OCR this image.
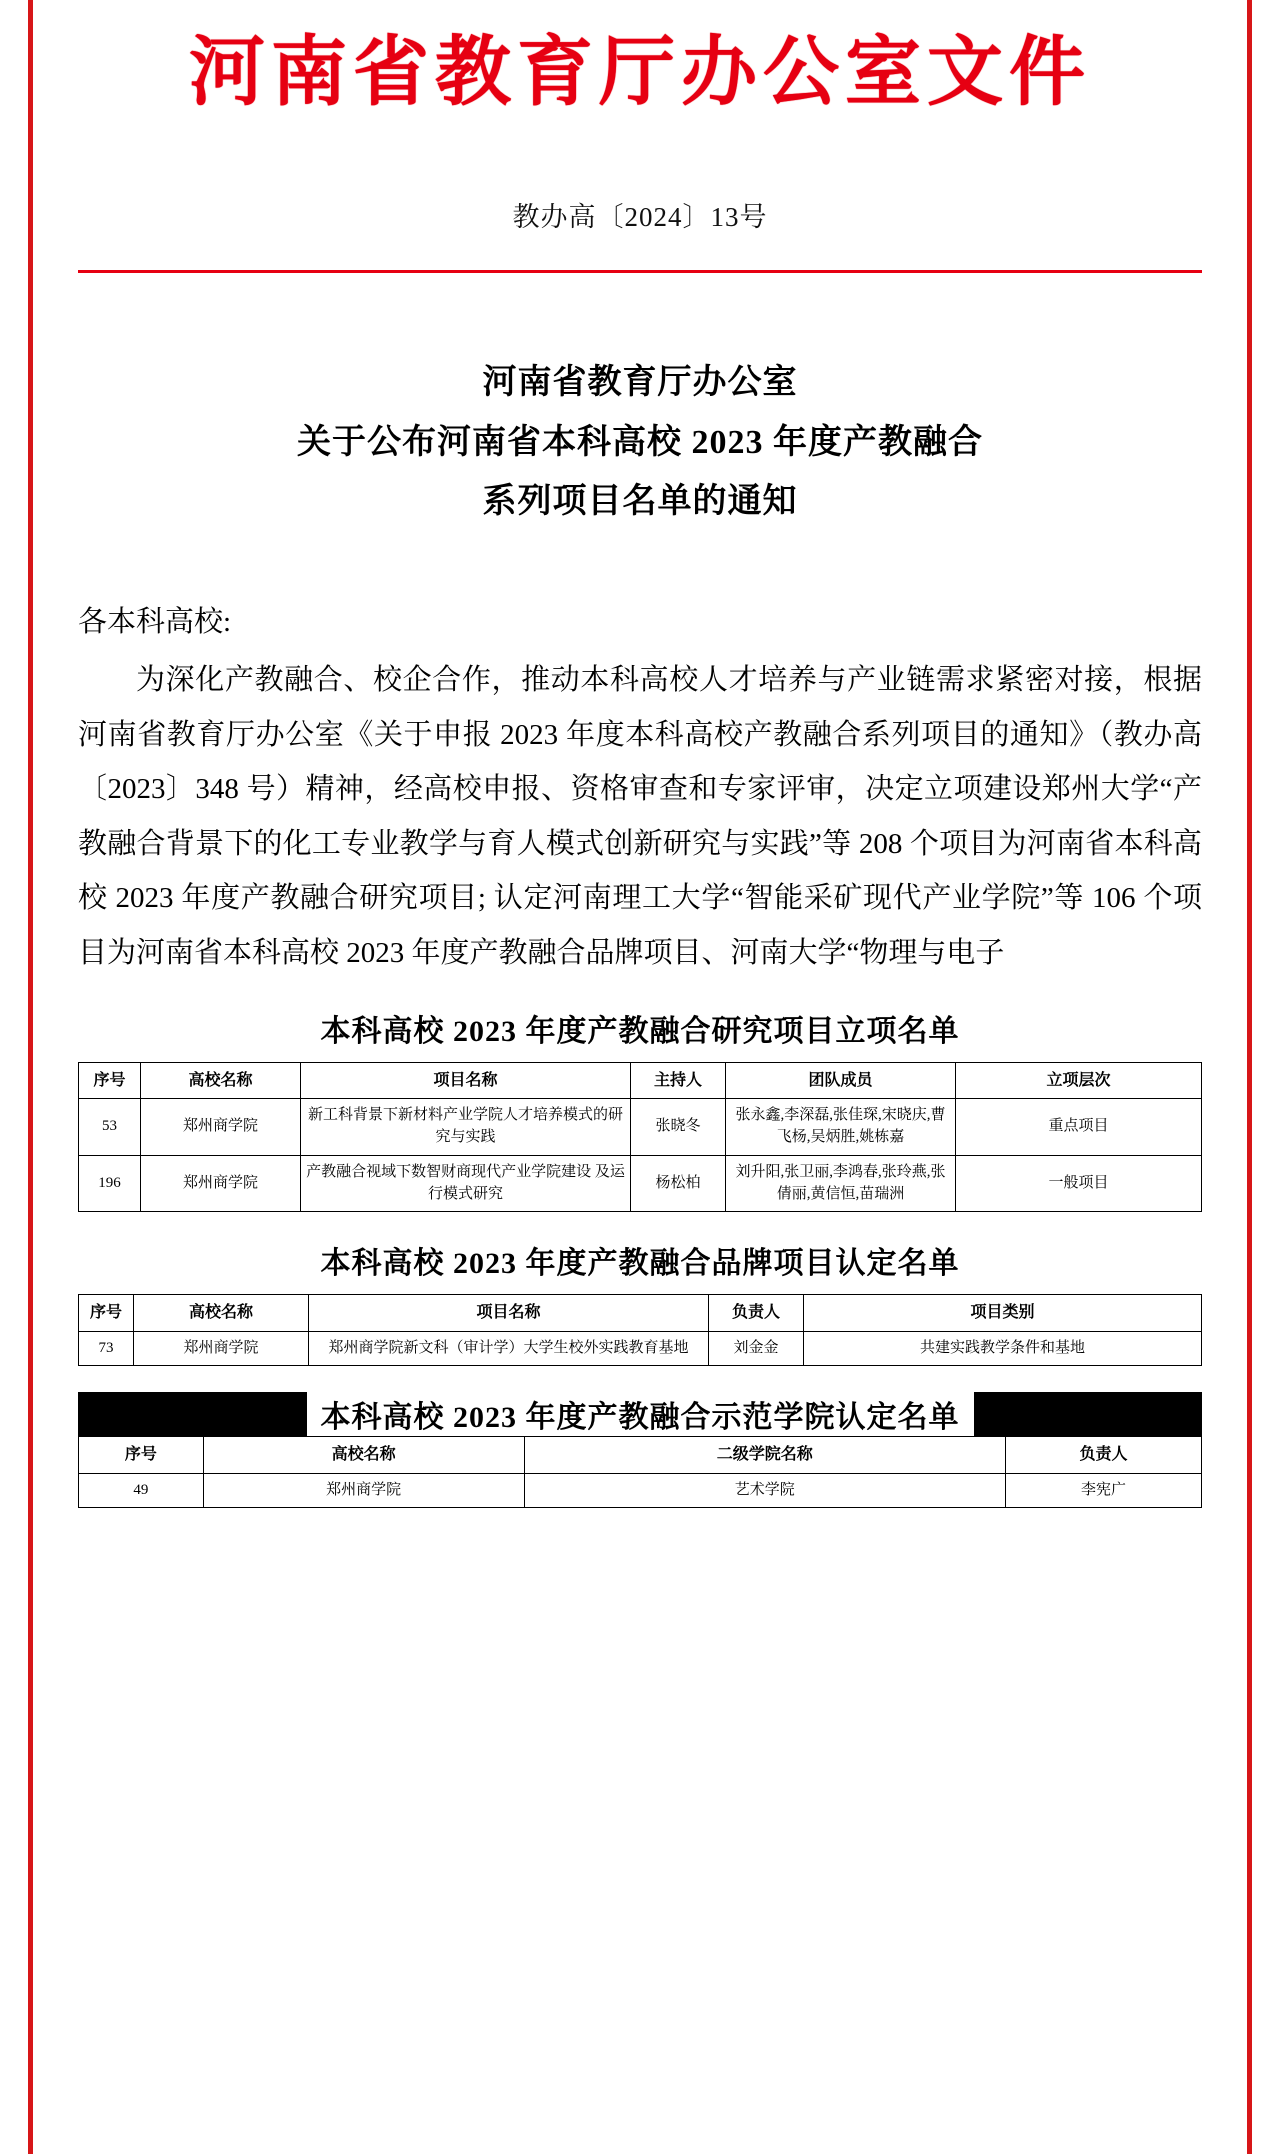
河南省教育厅办公室文件
教办高〔2024〕13号
河南省教育厅办公室
关于公布河南省本科高校 2023 年度产教融合
系列项目名单的通知
各本科高校:
为深化产教融合、校企合作，推动本科高校人才培养与产业链需求紧密对接，根据河南省教育厅办公室《关于申报 2023 年度本科高校产教融合系列项目的通知》（教办高〔2023〕348 号）精神，经高校申报、资格审查和专家评审，决定立项建设郑州大学“产教融合背景下的化工专业教学与育人模式创新研究与实践”等 208 个项目为河南省本科高校 2023 年度产教融合研究项目; 认定河南理工大学“智能采矿现代产业学院”等 106 个项目为河南省本科高校 2023 年度产教融合品牌项目、河南大学“物理与电子
本科高校 2023 年度产教融合研究项目立项名单
序号	高校名称	项目名称	主持人	团队成员	立项层次
53	郑州商学院	新工科背景下新材料产业学院人才培养模式的研究与实践	张晓冬	张永鑫,李深磊,张佳琛,宋晓庆,曹飞杨,吴炳胜,姚栋嘉	重点项目
196	郑州商学院	产教融合视域下数智财商现代产业学院建设 及运行模式研究	杨松柏	刘升阳,张卫丽,李鸿春,张玲燕,张倩丽,黄信恒,苗瑞洲	一般项目
本科高校 2023 年度产教融合品牌项目认定名单
序号	高校名称	项目名称	负责人	项目类别
73	郑州商学院	郑州商学院新文科（审计学）大学生校外实践教育基地	刘金金	共建实践教学条件和基地
本科高校 2023 年度产教融合示范学院认定名单
序号	高校名称	二级学院名称	负责人
49	郑州商学院	艺术学院	李宪广
